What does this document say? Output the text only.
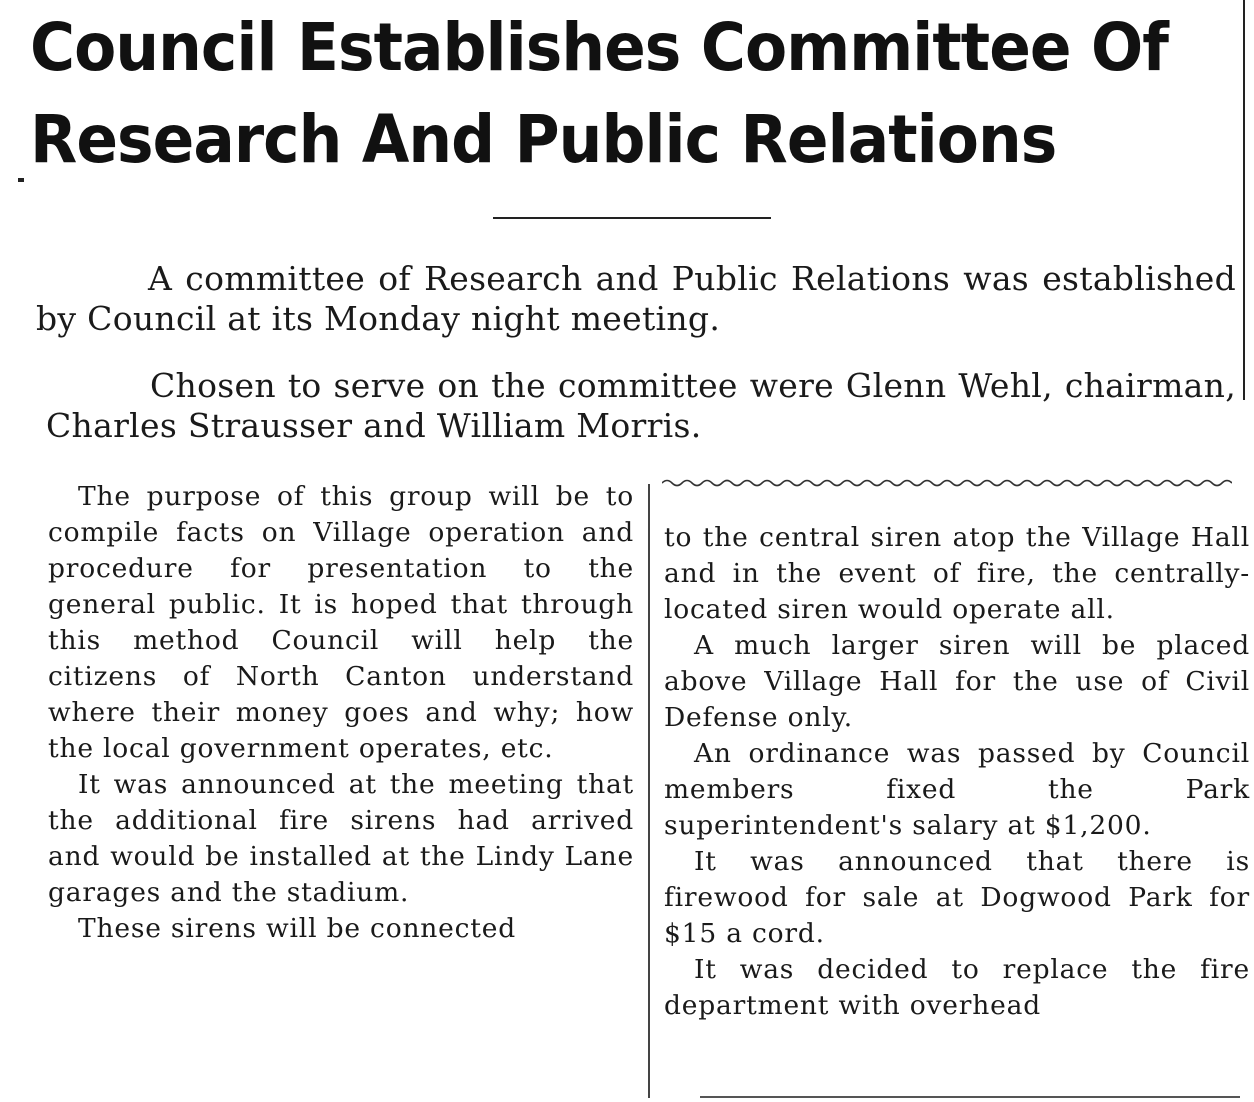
Council Establishes Committee Of
Research And Public Relations

A committee of Research and Public Relations was established by Council at its Monday night meeting.

Chosen to serve on the committee were Glenn Wehl, chairman, Charles Strausser and William Morris.

The purpose of this group will be to compile facts on Village operation and procedure for presentation to the general public. It is hoped that through this method Council will help the citizens of North Canton understand where their money goes and why; how the local government operates, etc.

It was announced at the meeting that the additional fire sirens had arrived and would be installed at the Lindy Lane garages and the stadium.

These sirens will be connected

to the central siren atop the Village Hall and in the event of fire, the centrally-located siren would operate all.

A much larger siren will be placed above Village Hall for the use of Civil Defense only.

An ordinance was passed by Council members fixed the Park superintendent's salary at $1,200.

It was announced that there is firewood for sale at Dogwood Park for $15 a cord.

It was decided to replace the fire department with overhead
